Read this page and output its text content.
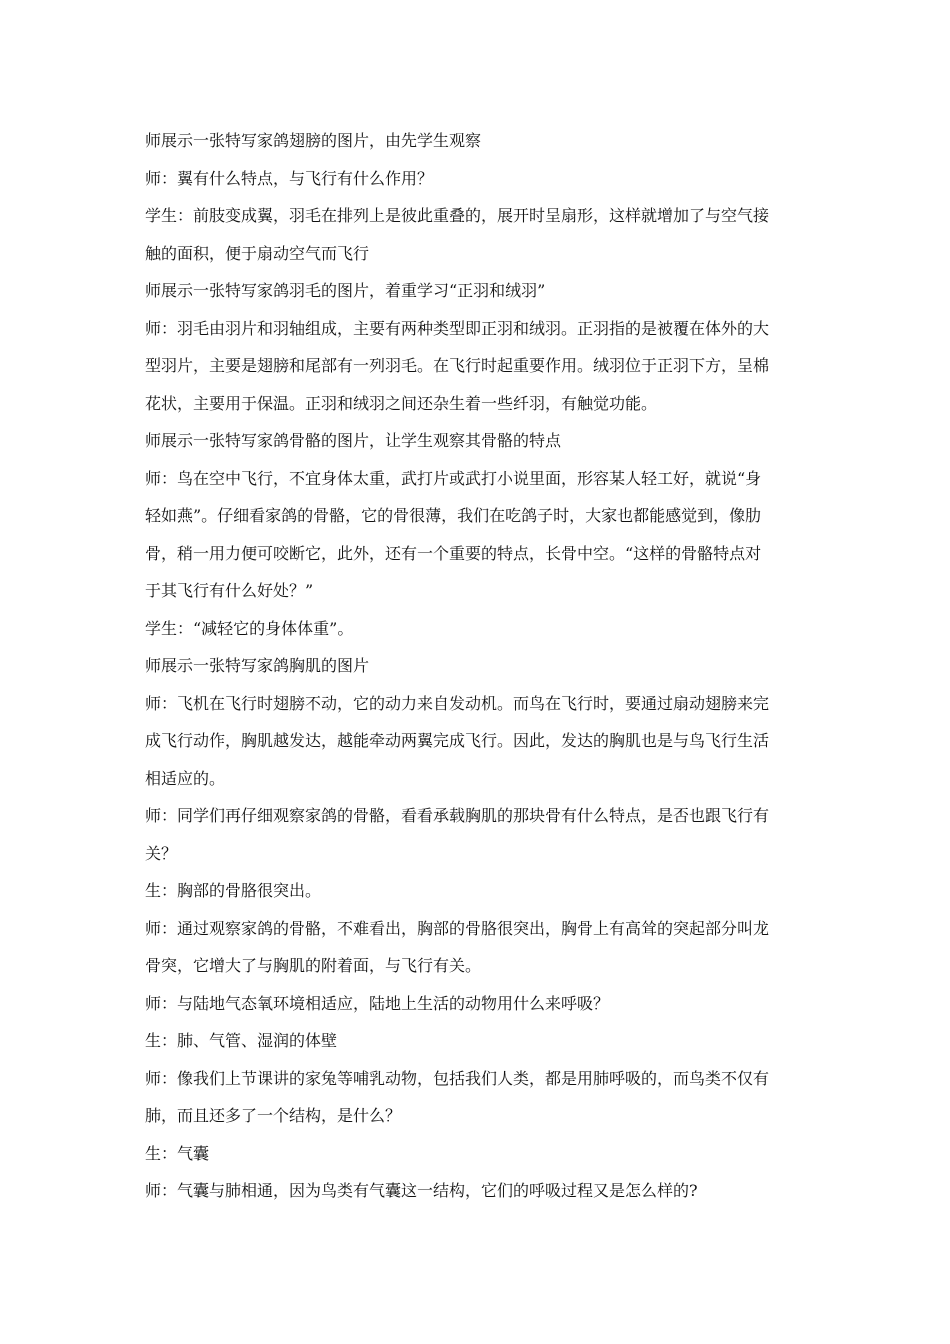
师展示一张特写家鸽翅膀的图片，由先学生观察

师：翼有什么特点，与飞行有什么作用？

学生：前肢变成翼，羽毛在排列上是彼此重叠的，展开时呈扇形，这样就增加了与空气接
触的面积，便于扇动空气而飞行

师展示一张特写家鸽羽毛的图片，着重学习“正羽和绒羽”

师：羽毛由羽片和羽轴组成，主要有两种类型即正羽和绒羽。正羽指的是被覆在体外的大
型羽片，主要是翅膀和尾部有一列羽毛。在飞行时起重要作用。绒羽位于正羽下方，呈棉
花状，主要用于保温。正羽和绒羽之间还杂生着一些纤羽，有触觉功能。

师展示一张特写家鸽骨骼的图片，让学生观察其骨骼的特点

师：鸟在空中飞行，不宜身体太重，武打片或武打小说里面，形容某人轻工好，就说“身
轻如燕”。仔细看家鸽的骨骼，它的骨很薄，我们在吃鸽子时，大家也都能感觉到，像肋
骨，稍一用力便可咬断它，此外，还有一个重要的特点，长骨中空。“这样的骨骼特点对
于其飞行有什么好处？”

学生：“减轻它的身体体重”。

师展示一张特写家鸽胸肌的图片

师：飞机在飞行时翅膀不动，它的动力来自发动机。而鸟在飞行时，要通过扇动翅膀来完
成飞行动作，胸肌越发达，越能牵动两翼完成飞行。因此，发达的胸肌也是与鸟飞行生活
相适应的。

师：同学们再仔细观察家鸽的骨骼，看看承载胸肌的那块骨有什么特点，是否也跟飞行有
关？

生：胸部的骨胳很突出。

师：通过观察家鸽的骨骼，不难看出，胸部的骨胳很突出，胸骨上有高耸的突起部分叫龙
骨突，它增大了与胸肌的附着面，与飞行有关。

师：与陆地气态氧环境相适应，陆地上生活的动物用什么来呼吸？

生：肺、气管、湿润的体壁

师：像我们上节课讲的家兔等哺乳动物，包括我们人类，都是用肺呼吸的，而鸟类不仅有
肺，而且还多了一个结构，是什么？

生：气囊

师：气囊与肺相通，因为鸟类有气囊这一结构，它们的呼吸过程又是怎么样的?
